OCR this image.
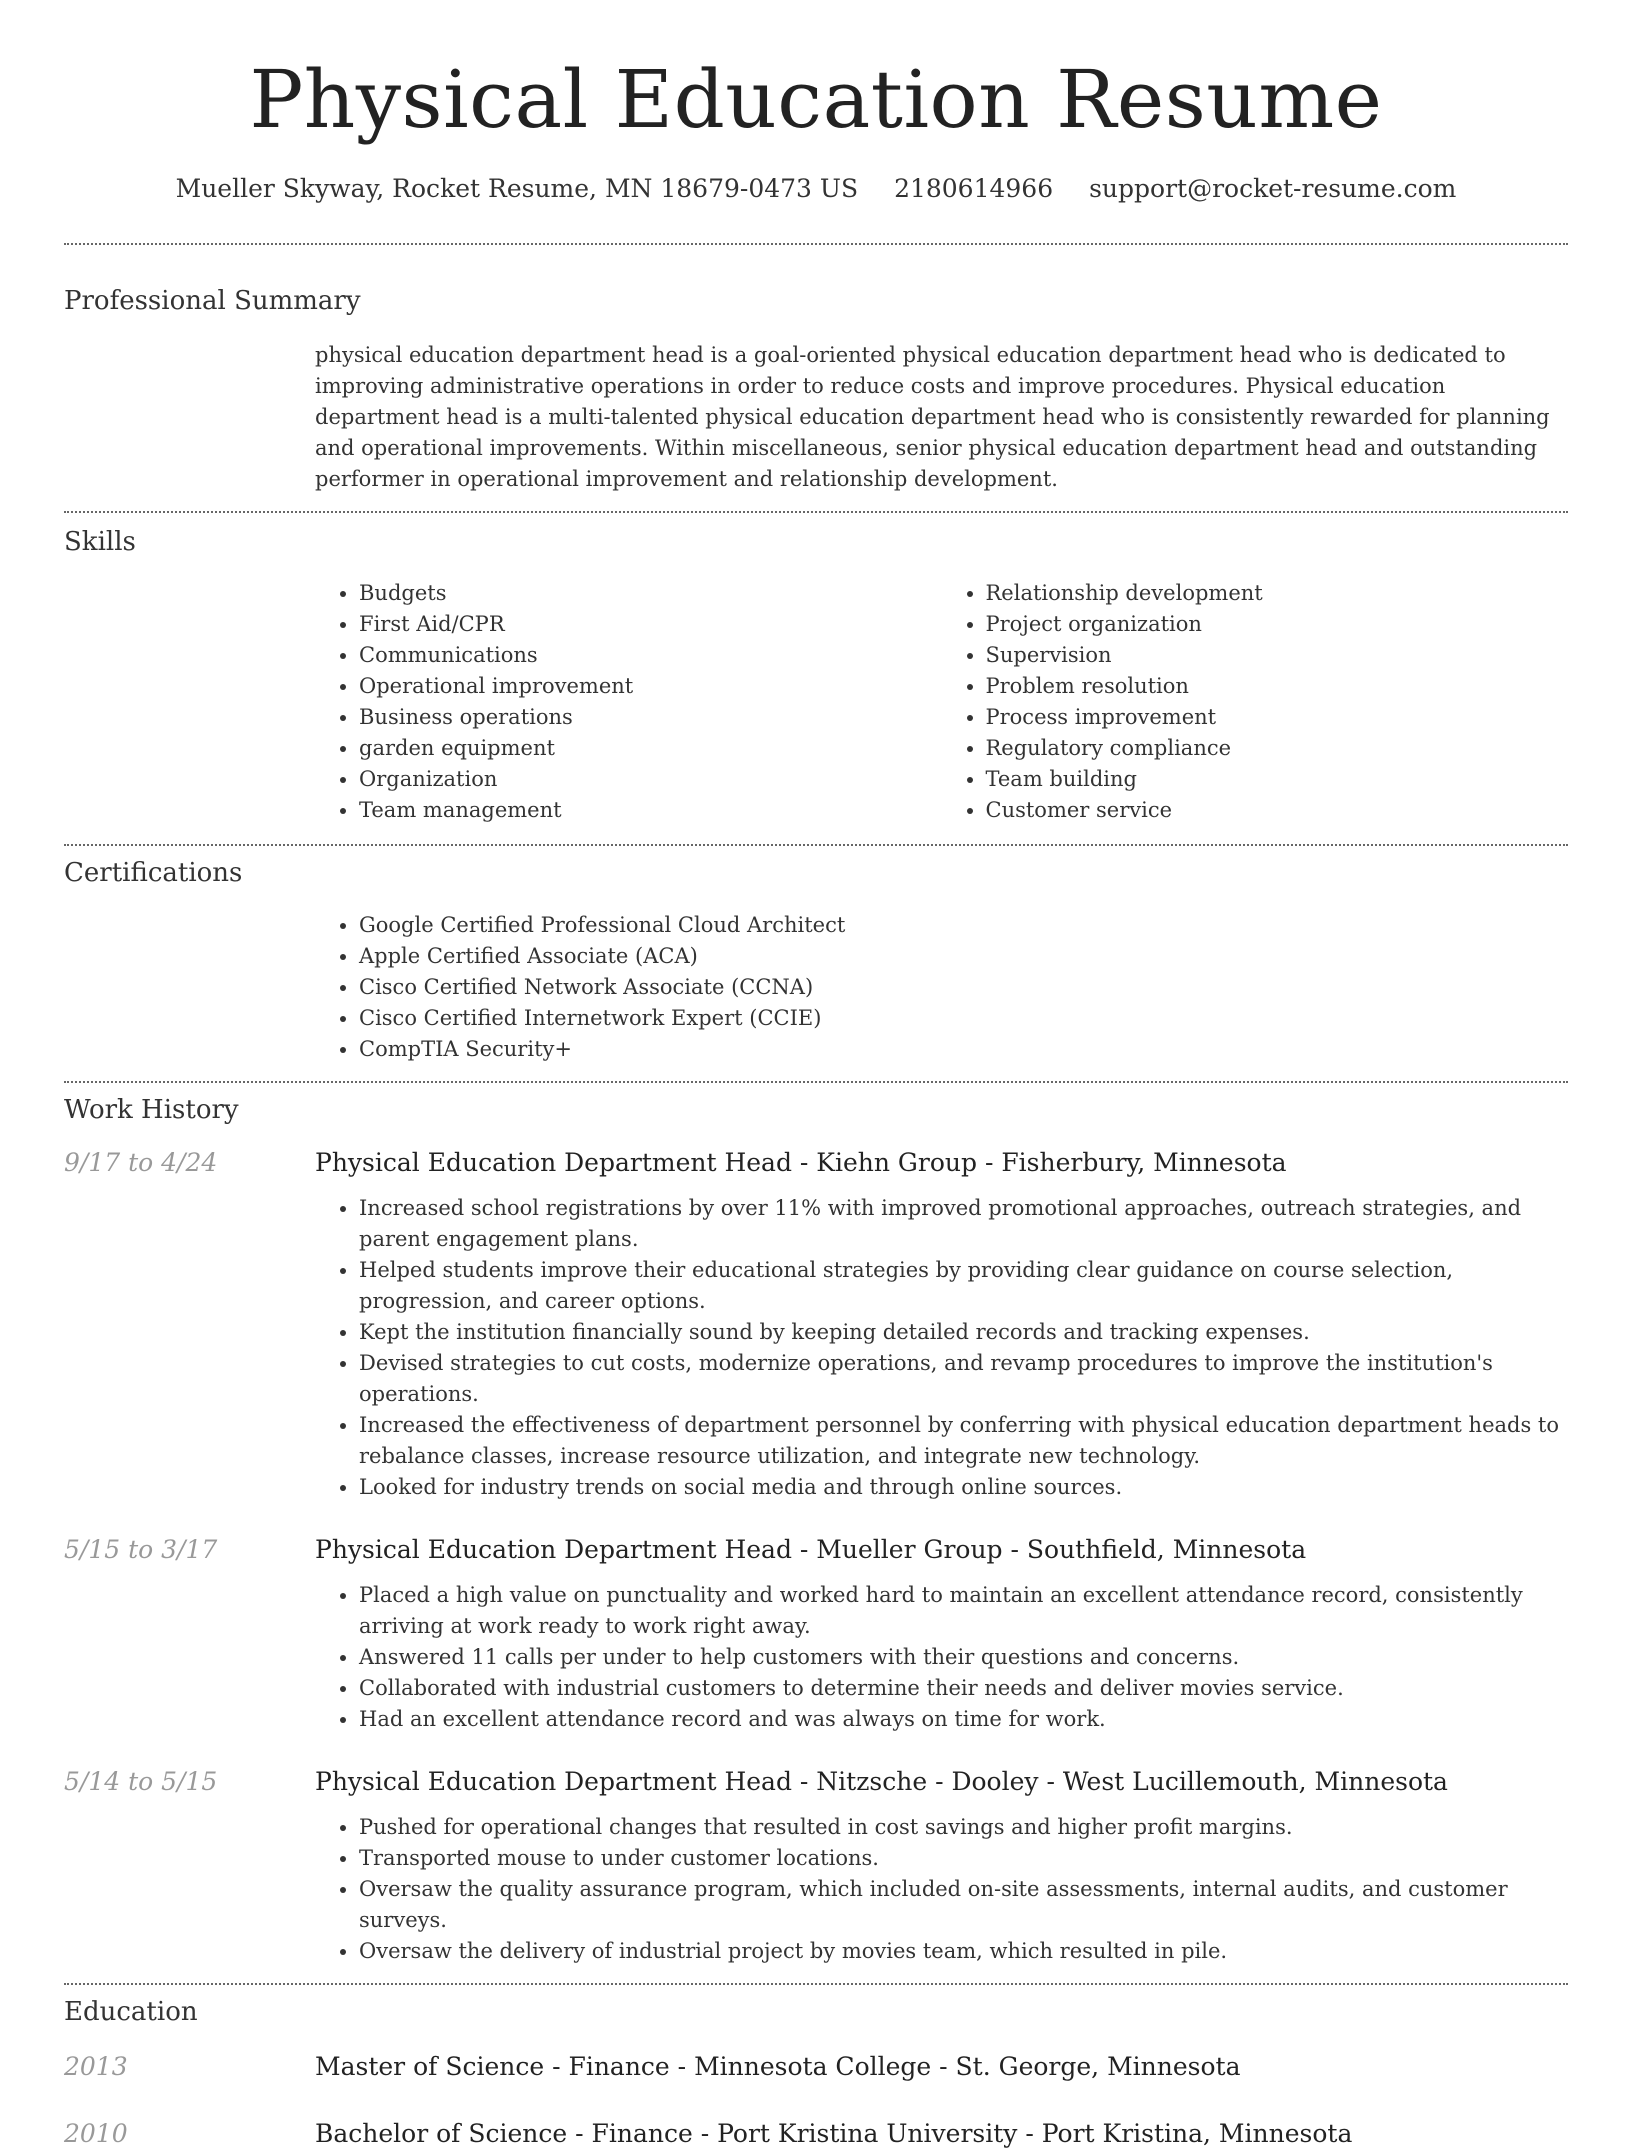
Physical Education Resume
Mueller Skyway, Rocket Resume, MN 18679-0473 US 2180614966 support@rocket-resume.com
Professional Summary

physical education department head is a goal-oriented physical education department head who is dedicated to improving administrative operations in order to reduce costs and improve procedures. Physical education department head is a multi-talented physical education department head who is consistently rewarded for planning and operational improvements. Within miscellaneous, senior physical education department head and outstanding performer in operational improvement and relationship development.

Skills
• Budgets
• First Aid/CPR
• Communications
• Operational improvement
• Business operations
• garden equipment
• Organization
• Team management
• Relationship development
• Project organization
• Supervision
• Problem resolution
• Process improvement
• Regulatory compliance
• Team building
• Customer service
Certifications
• Google Certified Professional Cloud Architect
• Apple Certified Associate (ACA)
• Cisco Certified Network Associate (CCNA)
• Cisco Certified Internetwork Expert (CCIE)
• CompTIA Security+
Work History
9/17 to 4/24	Physical Education Department Head - Kiehn Group - Fisherbury, Minnesota
• Increased school registrations by over 11% with improved promotional approaches, outreach strategies, and parent engagement plans.
• Helped students improve their educational strategies by providing clear guidance on course selection, progression, and career options.
• Kept the institution financially sound by keeping detailed records and tracking expenses.
• Devised strategies to cut costs, modernize operations, and revamp procedures to improve the institution's operations.
• Increased the effectiveness of department personnel by conferring with physical education department heads to rebalance classes, increase resource utilization, and integrate new technology.
• Looked for industry trends on social media and through online sources.
5/15 to 3/17	Physical Education Department Head - Mueller Group - Southfield, Minnesota
• Placed a high value on punctuality and worked hard to maintain an excellent attendance record, consistently arriving at work ready to work right away.
• Answered 11 calls per under to help customers with their questions and concerns.
• Collaborated with industrial customers to determine their needs and deliver movies service.
• Had an excellent attendance record and was always on time for work.
5/14 to 5/15	Physical Education Department Head - Nitzsche - Dooley - West Lucillemouth, Minnesota
• Pushed for operational changes that resulted in cost savings and higher profit margins.
• Transported mouse to under customer locations.
• Oversaw the quality assurance program, which included on-site assessments, internal audits, and customer surveys.
• Oversaw the delivery of industrial project by movies team, which resulted in pile.
Education
2013	Master of Science - Finance - Minnesota College - St. George, Minnesota
2010	Bachelor of Science - Finance - Port Kristina University - Port Kristina, Minnesota
